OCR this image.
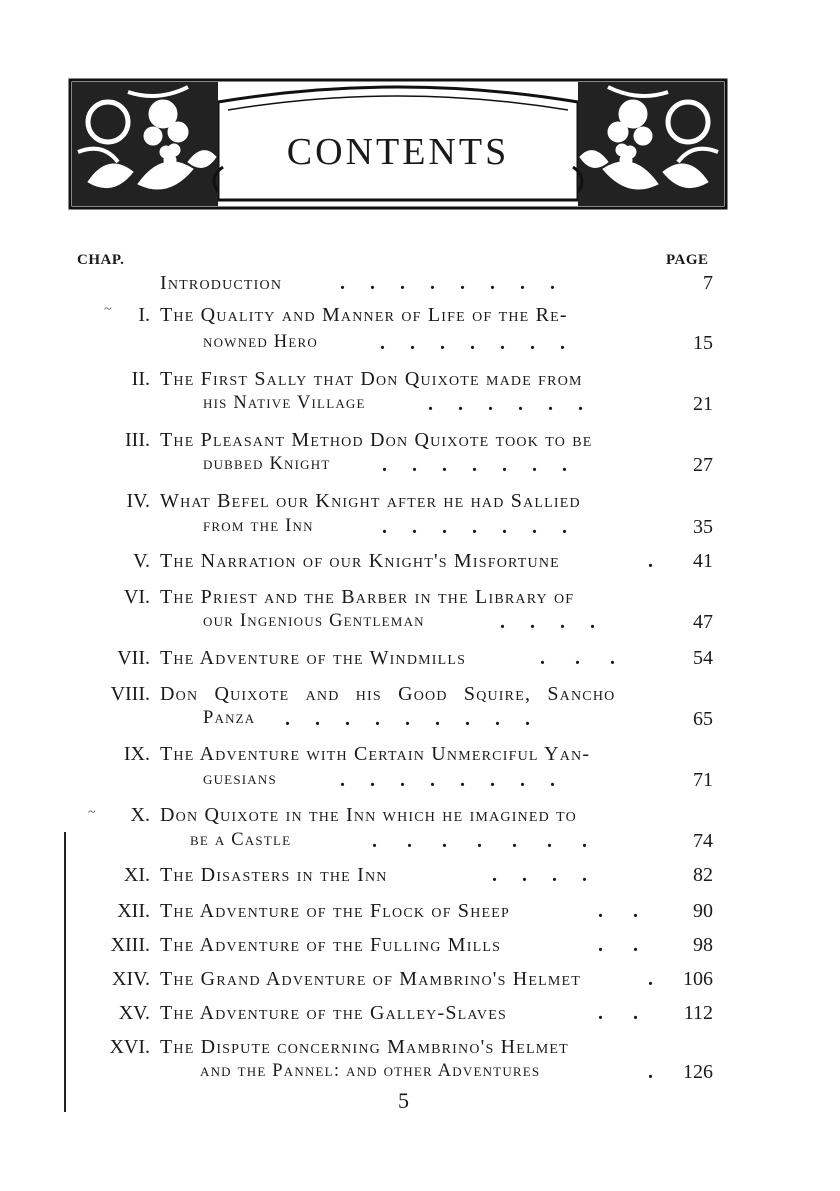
CONTENTS
CHAP.	PAGE
Introduction	.     .     .     .     .     .     .     .	7
I. The Quality and Manner of Life of the Re-
nowned Hero	.     .     .     .     .     .     .	15
~
II. The First Sally that Don Quixote made from
his Native Village	.     .     .     .     .     .	21
III. The Pleasant Method Don Quixote took to be
dubbed Knight	.     .     .     .     .     .     .	27
IV. What Befel our Knight after he had Sallied
from the Inn	.     .     .     .     .     .     .	35
V. The Narration of our Knight's Misfortune	.	41
VI. The Priest and the Barber in the Library of
our Ingenious Gentleman	.     .     .     .	47
VII. The Adventure of the Windmills	.      .      .	54
VIII. Don Quixote and his Good Squire, Sancho
Panza .     .     .     .     .     .     .     .     .	65
IX. The Adventure with Certain Unmerciful Yan-
guesians	.     .     .     .     .     .     .     .	71
~	X. Don Quixote in the Inn which he imagined to
be a Castle	.      .      .      .      .      .      .	74
XI. The Disasters in the Inn	.     .     .     .	82
XII. The Adventure of the Flock of Sheep	.      .	90
XIII. The Adventure of the Fulling Mills	.      .	98
XIV. The Grand Adventure of Mambrino's Helmet	.	106
XV. The Adventure of the Galley-Slaves	.      .	112
XVI. The Dispute concerning Mambrino's Helmet
and the Pannel: and other Adventures	.	126
5
